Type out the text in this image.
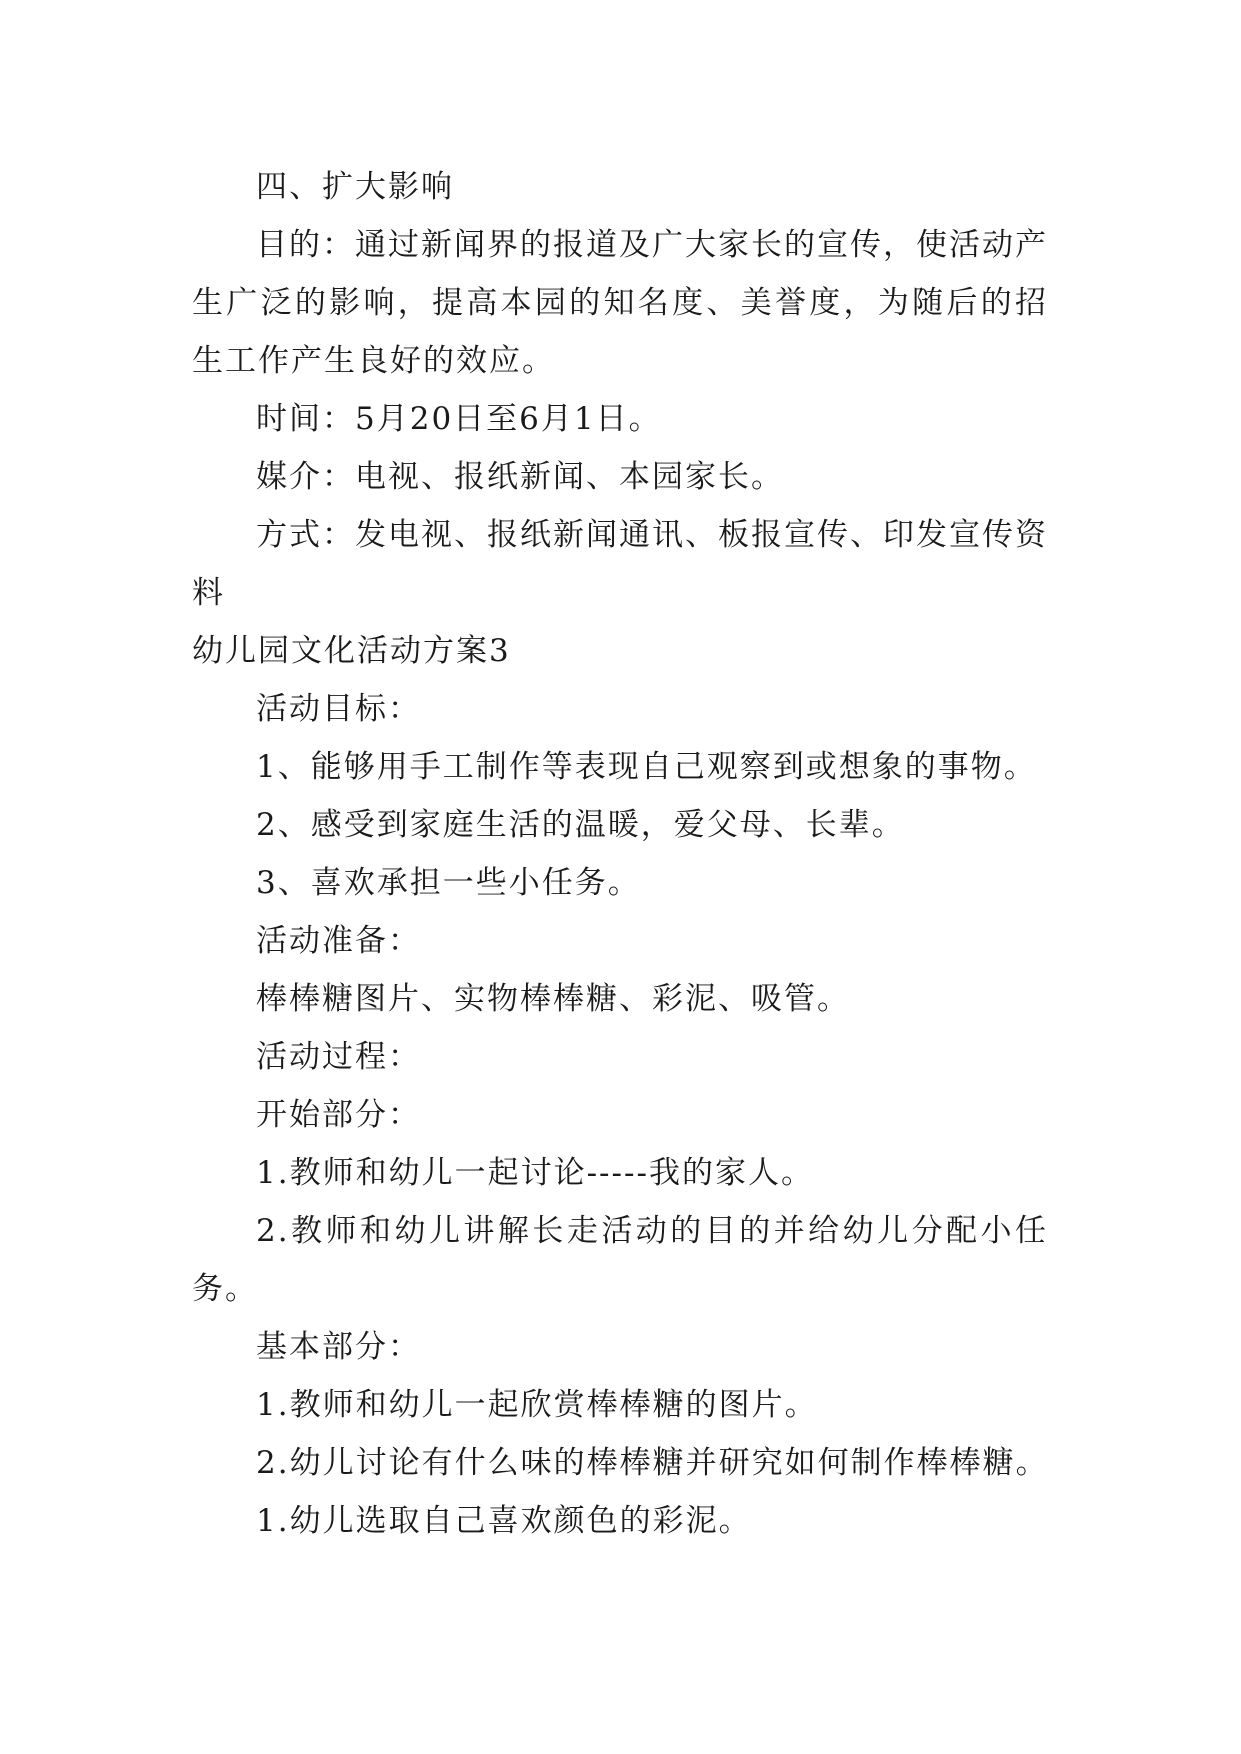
四、扩大影响
目的：通过新闻界的报道及广大家长的宣传，使活动产生广泛的影响，提高本园的知名度、美誉度，为随后的招生工作产生良好的效应。
时间：5月20日至6月1日。
媒介：电视、报纸新闻、本园家长。
方式：发电视、报纸新闻通讯、板报宣传、印发宣传资料
幼儿园文化活动方案3
活动目标：
1、能够用手工制作等表现自己观察到或想象的事物。
2、感受到家庭生活的温暖，爱父母、长辈。
3、喜欢承担一些小任务。
活动准备：
棒棒糖图片、实物棒棒糖、彩泥、吸管。
活动过程：
开始部分：
1.教师和幼儿一起讨论-----我的家人。
2.教师和幼儿讲解长走活动的目的并给幼儿分配小任务。
基本部分：
1.教师和幼儿一起欣赏棒棒糖的图片。
2.幼儿讨论有什么味的棒棒糖并研究如何制作棒棒糖。
1.幼儿选取自己喜欢颜色的彩泥。
